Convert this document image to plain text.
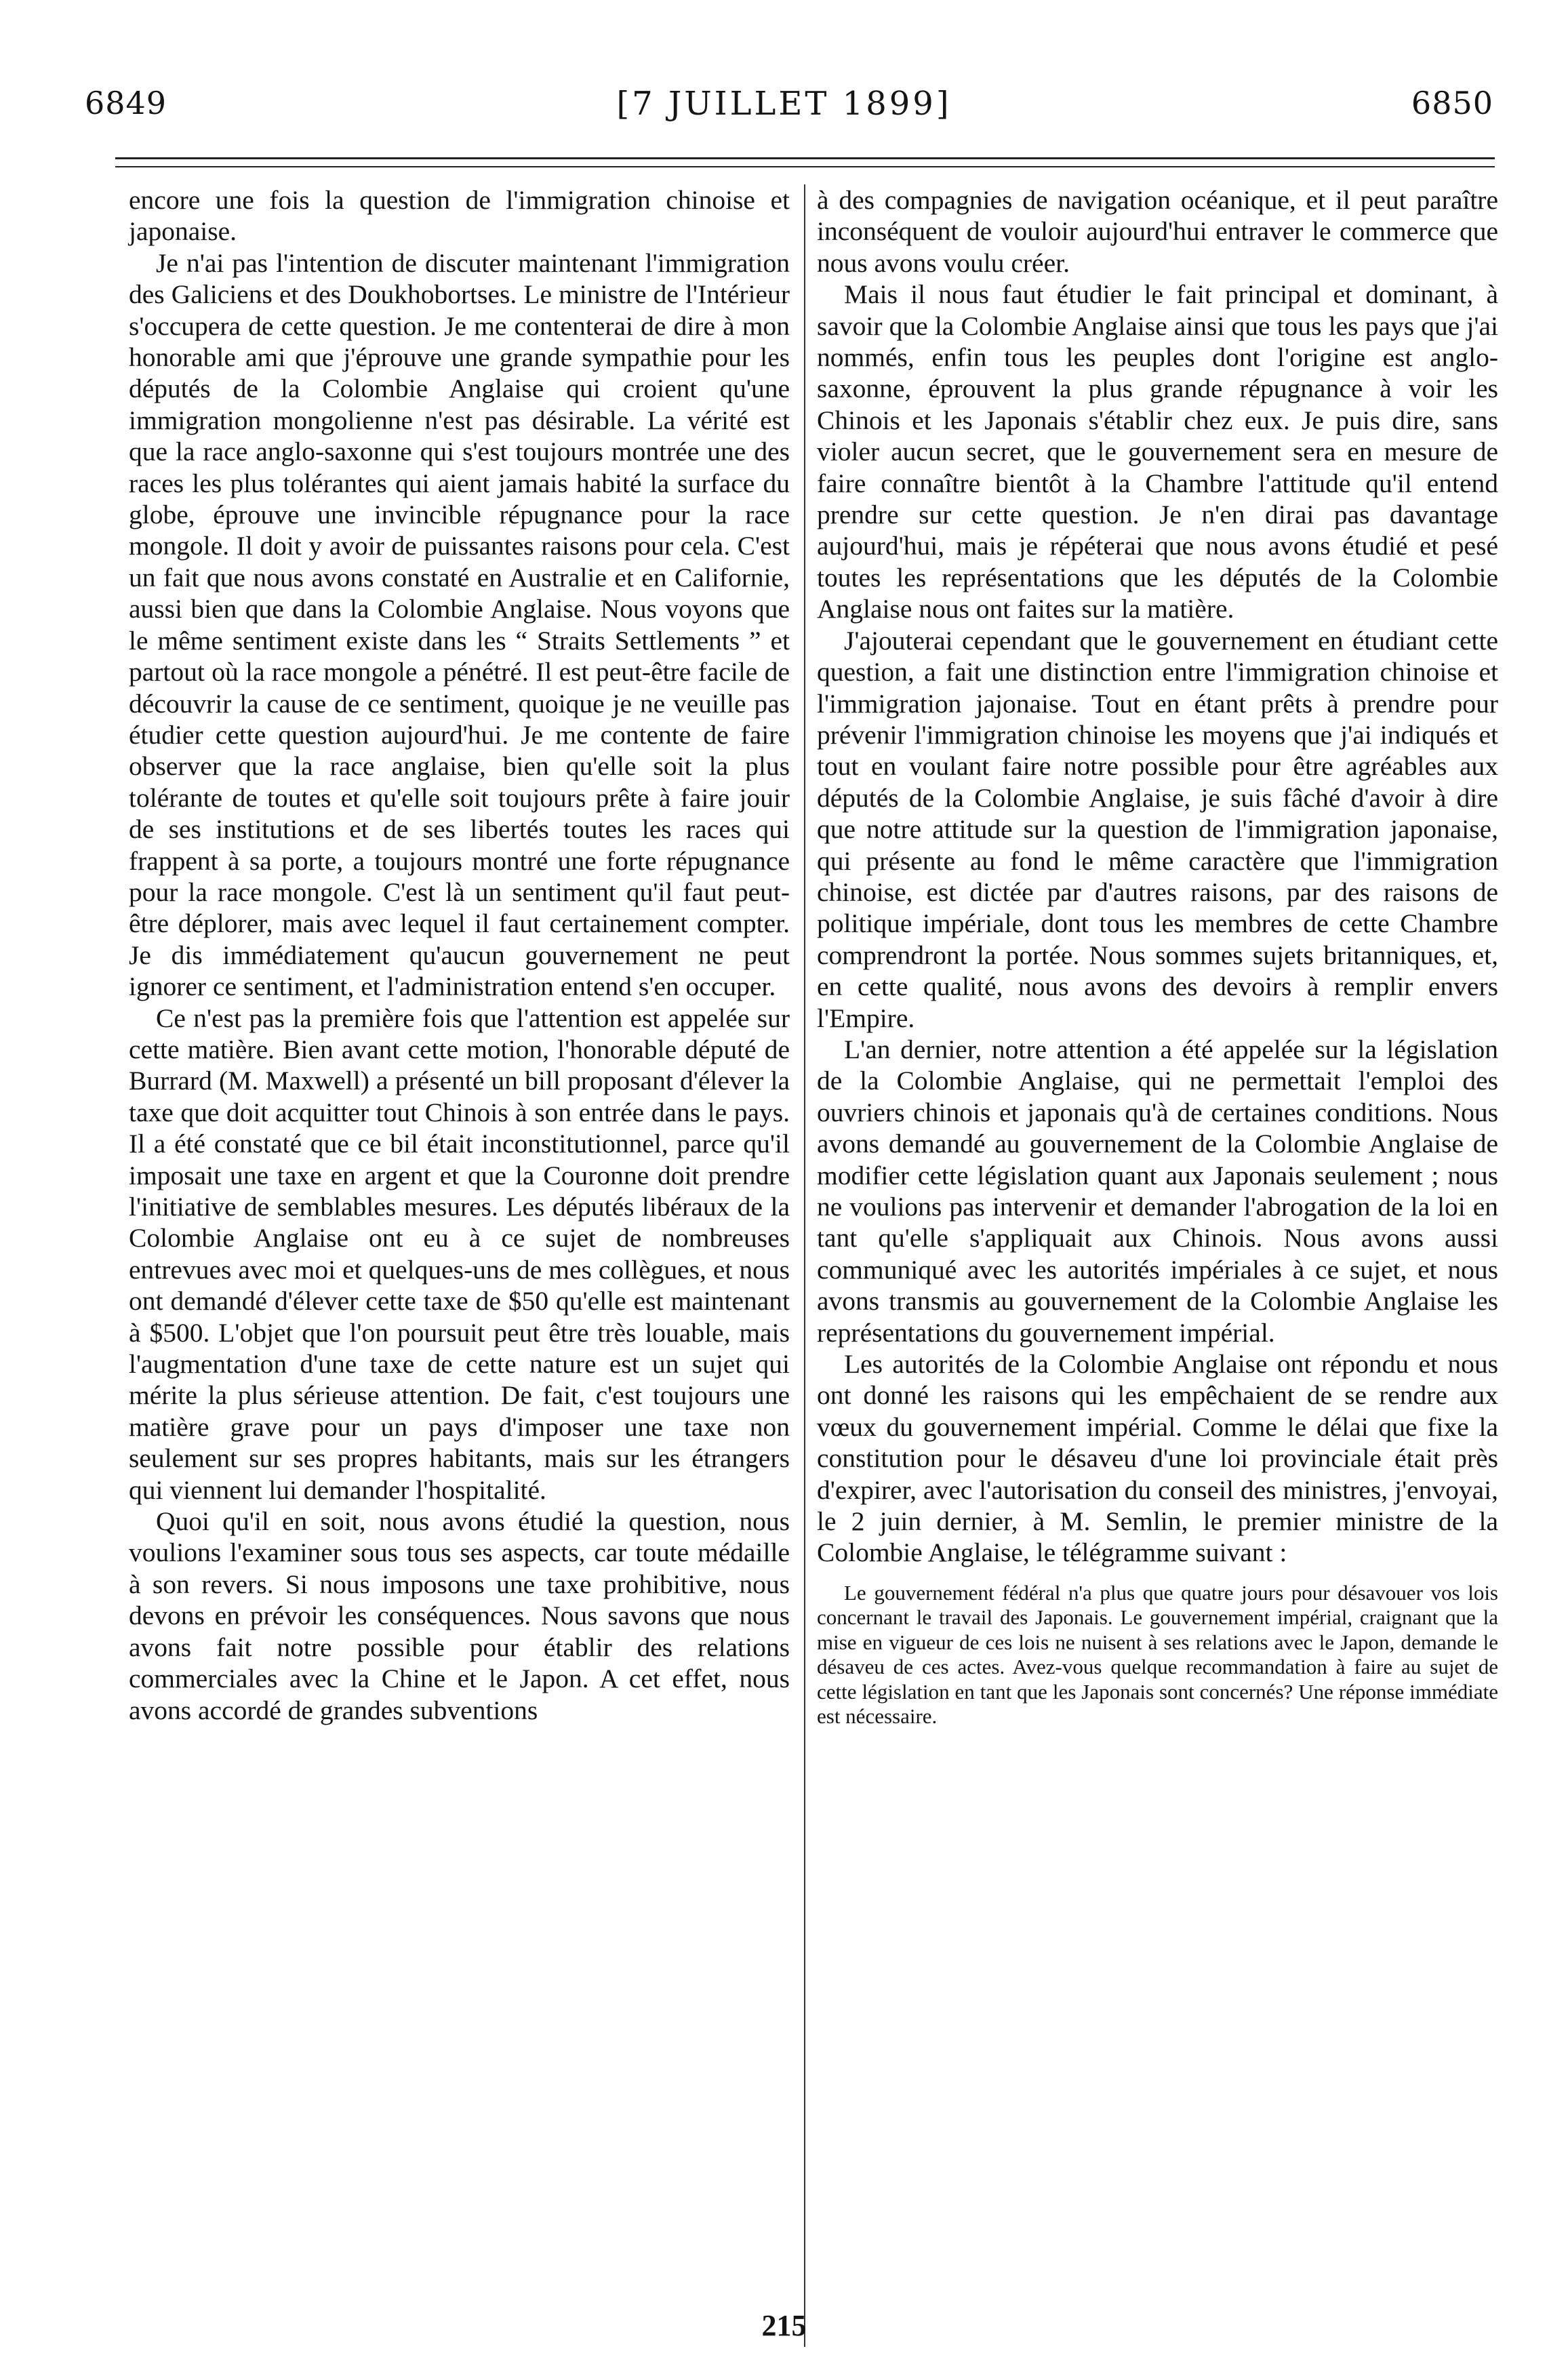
6849	[7 JUILLET 1899]	6850

encore une fois la question de l'immigration chinoise et japonaise.

Je n'ai pas l'intention de discuter maintenant l'immigration des Galiciens et des Doukhobortses. Le ministre de l'Intérieur s'occupera de cette question. Je me contenterai de dire à mon honorable ami que j'éprouve une grande sympathie pour les députés de la Colombie Anglaise qui croient qu'une immigration mongolienne n'est pas désirable. La vérité est que la race anglo-saxonne qui s'est toujours montrée une des races les plus tolérantes qui aient jamais habité la surface du globe, éprouve une invincible répugnance pour la race mongole. Il doit y avoir de puissantes raisons pour cela. C'est un fait que nous avons constaté en Australie et en Californie, aussi bien que dans la Colombie Anglaise. Nous voyons que le même sentiment existe dans les “ Straits Settlements ” et partout où la race mongole a pénétré. Il est peut-être facile de découvrir la cause de ce sentiment, quoique je ne veuille pas étudier cette question aujourd'hui. Je me contente de faire observer que la race anglaise, bien qu'elle soit la plus tolérante de toutes et qu'elle soit toujours prête à faire jouir de ses institutions et de ses libertés toutes les races qui frappent à sa porte, a toujours montré une forte répugnance pour la race mongole. C'est là un sentiment qu'il faut peut-être déplorer, mais avec lequel il faut certainement compter. Je dis immédiatement qu'aucun gouvernement ne peut ignorer ce sentiment, et l'administration entend s'en occuper.

Ce n'est pas la première fois que l'attention est appelée sur cette matière. Bien avant cette motion, l'honorable député de Burrard (M. Maxwell) a présenté un bill proposant d'élever la taxe que doit acquitter tout Chinois à son entrée dans le pays. Il a été constaté que ce bil était inconstitutionnel, parce qu'il imposait une taxe en argent et que la Couronne doit prendre l'initiative de semblables mesures. Les députés libéraux de la Colombie Anglaise ont eu à ce sujet de nombreuses entrevues avec moi et quelques-uns de mes collègues, et nous ont demandé d'élever cette taxe de $50 qu'elle est maintenant à $500. L'objet que l'on poursuit peut être très louable, mais l'augmentation d'une taxe de cette nature est un sujet qui mérite la plus sérieuse attention. De fait, c'est toujours une matière grave pour un pays d'imposer une taxe non seulement sur ses propres habitants, mais sur les étrangers qui viennent lui demander l'hospitalité.

Quoi qu'il en soit, nous avons étudié la question, nous voulions l'examiner sous tous ses aspects, car toute médaille à son revers. Si nous imposons une taxe prohibitive, nous devons en prévoir les conséquences. Nous savons que nous avons fait notre possible pour établir des relations commerciales avec la Chine et le Japon. A cet effet, nous avons accordé de grandes subventions

à des compagnies de navigation océanique, et il peut paraître inconséquent de vouloir aujourd'hui entraver le commerce que nous avons voulu créer.

Mais il nous faut étudier le fait principal et dominant, à savoir que la Colombie Anglaise ainsi que tous les pays que j'ai nommés, enfin tous les peuples dont l'origine est anglo-saxonne, éprouvent la plus grande répugnance à voir les Chinois et les Japonais s'établir chez eux. Je puis dire, sans violer aucun secret, que le gouvernement sera en mesure de faire connaître bientôt à la Chambre l'attitude qu'il entend prendre sur cette question. Je n'en dirai pas davantage aujourd'hui, mais je répéterai que nous avons étudié et pesé toutes les représentations que les députés de la Colombie Anglaise nous ont faites sur la matière.

J'ajouterai cependant que le gouvernement en étudiant cette question, a fait une distinction entre l'immigration chinoise et l'immigration jajonaise. Tout en étant prêts à prendre pour prévenir l'immigration chinoise les moyens que j'ai indiqués et tout en voulant faire notre possible pour être agréables aux députés de la Colombie Anglaise, je suis fâché d'avoir à dire que notre attitude sur la question de l'immigration japonaise, qui présente au fond le même caractère que l'immigration chinoise, est dictée par d'autres raisons, par des raisons de politique impériale, dont tous les membres de cette Chambre comprendront la portée. Nous sommes sujets britanniques, et, en cette qualité, nous avons des devoirs à remplir envers l'Empire.

L'an dernier, notre attention a été appelée sur la législation de la Colombie Anglaise, qui ne permettait l'emploi des ouvriers chinois et japonais qu'à de certaines conditions. Nous avons demandé au gouvernement de la Colombie Anglaise de modifier cette législation quant aux Japonais seulement ; nous ne voulions pas intervenir et demander l'abrogation de la loi en tant qu'elle s'appliquait aux Chinois. Nous avons aussi communiqué avec les autorités impériales à ce sujet, et nous avons transmis au gouvernement de la Colombie Anglaise les représentations du gouvernement impérial.

Les autorités de la Colombie Anglaise ont répondu et nous ont donné les raisons qui les empêchaient de se rendre aux vœux du gouvernement impérial. Comme le délai que fixe la constitution pour le désaveu d'une loi provinciale était près d'expirer, avec l'autorisation du conseil des ministres, j'envoyai, le 2 juin dernier, à M. Semlin, le premier ministre de la Colombie Anglaise, le télégramme suivant :

Le gouvernement fédéral n'a plus que quatre jours pour désavouer vos lois concernant le travail des Japonais. Le gouvernement impérial, craignant que la mise en vigueur de ces lois ne nuisent à ses relations avec le Japon, demande le désaveu de ces actes. Avez-vous quelque recommandation à faire au sujet de cette législation en tant que les Japonais sont concernés? Une réponse immédiate est nécessaire.

215
